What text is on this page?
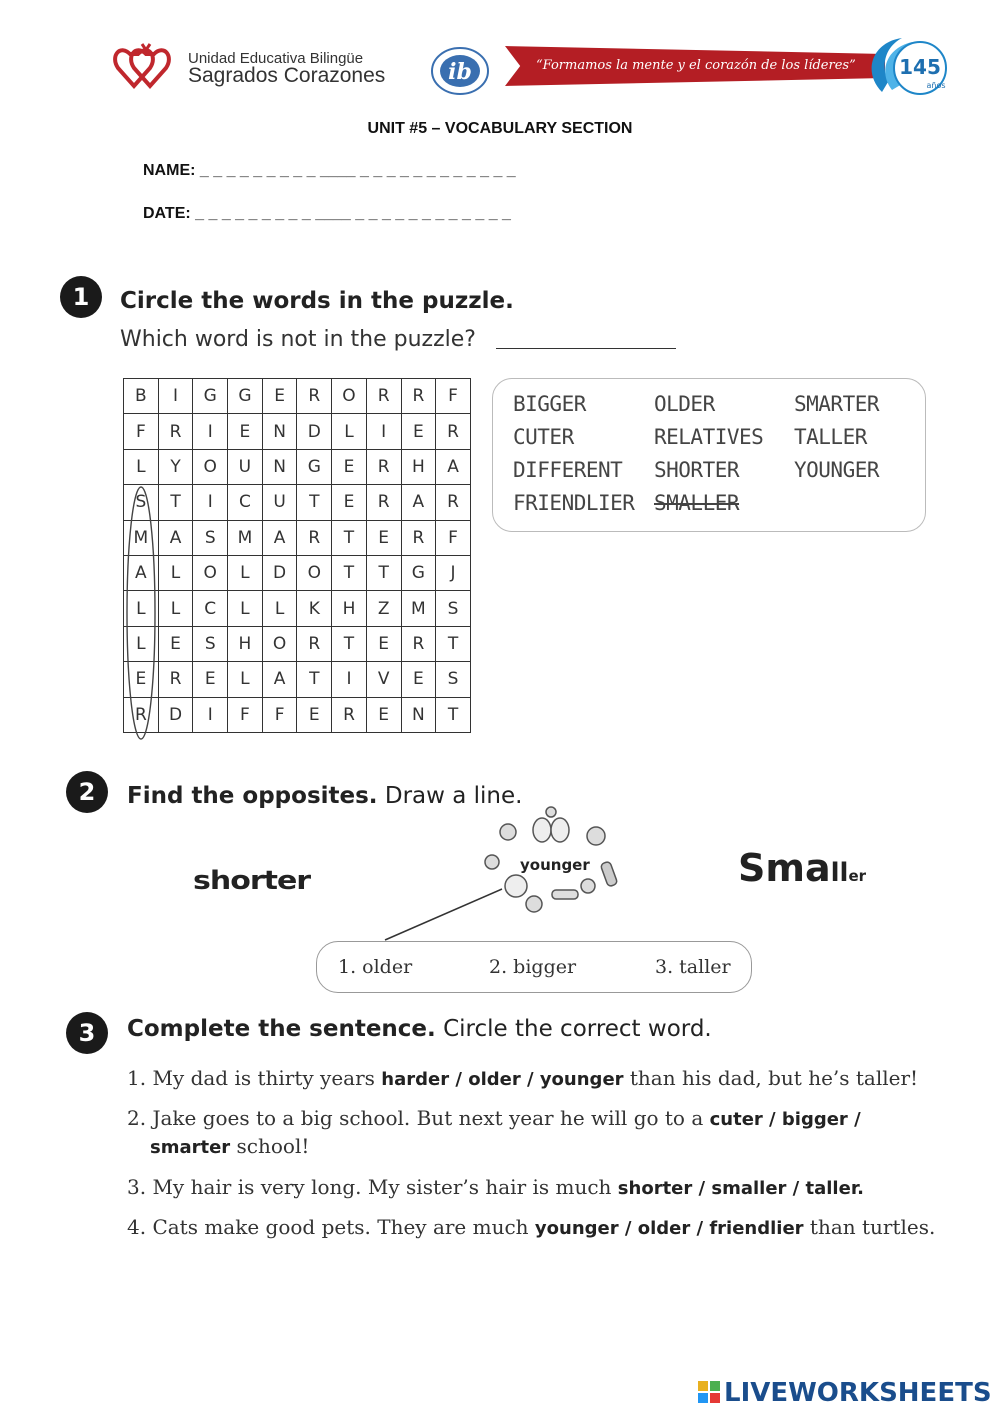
Unidad Educativa Bilingüe
Sagrados Corazones	ib	“Formamos la mente y el corazón de los líderes” 145
años
UNIT #5 – VOCABULARY SECTION
NAME: _ _ _ _ _ _ _ _ _ ____ _ _ _ _ _ _ _ _ _ _ _ _
DATE: _ _ _ _ _ _ _ _ _ ____ _ _ _ _ _ _ _ _ _ _ _ _
1	Circle the words in the puzzle.
Which word is not in the puzzle?
B	I	G	G	E	R	O	R	R	F
F	R	I	E	N	D	L	I	E	R
L	Y	O	U	N	G	E	R	H	A
S	T	I	C	U	T	E	R	A	R
M	A	S	M	A	R	T	E	R	F
A	L	O	L	D	O	T	T	G	J
L	L	C	L	L	K	H	Z	M	S
L	E	S	H	O	R	T	E	R	T
E	R	E	L	A	T	I	V	E	S
R	D	I	F	F	E	R	E	N	T
BIGGER	OLDER	SMARTER
CUTER	RELATIVES TALLER
DIFFERENT SHORTER	YOUNGER
FRIENDLIER SMALLER
2	Find the opposites. Draw a line.
shorter
younger	Smaller
1. older	2. bigger	3. taller
3	Complete the sentence. Circle the correct word.
1. My dad is thirty years harder / older / younger than his dad, but he’s taller!
2. Jake goes to a big school. But next year he will go to a cuter / bigger /
smarter school!
3. My hair is very long. My sister’s hair is much shorter / smaller / taller.
4. Cats make good pets. They are much younger / older / friendlier than turtles.
LIVEWORKSHEETS
